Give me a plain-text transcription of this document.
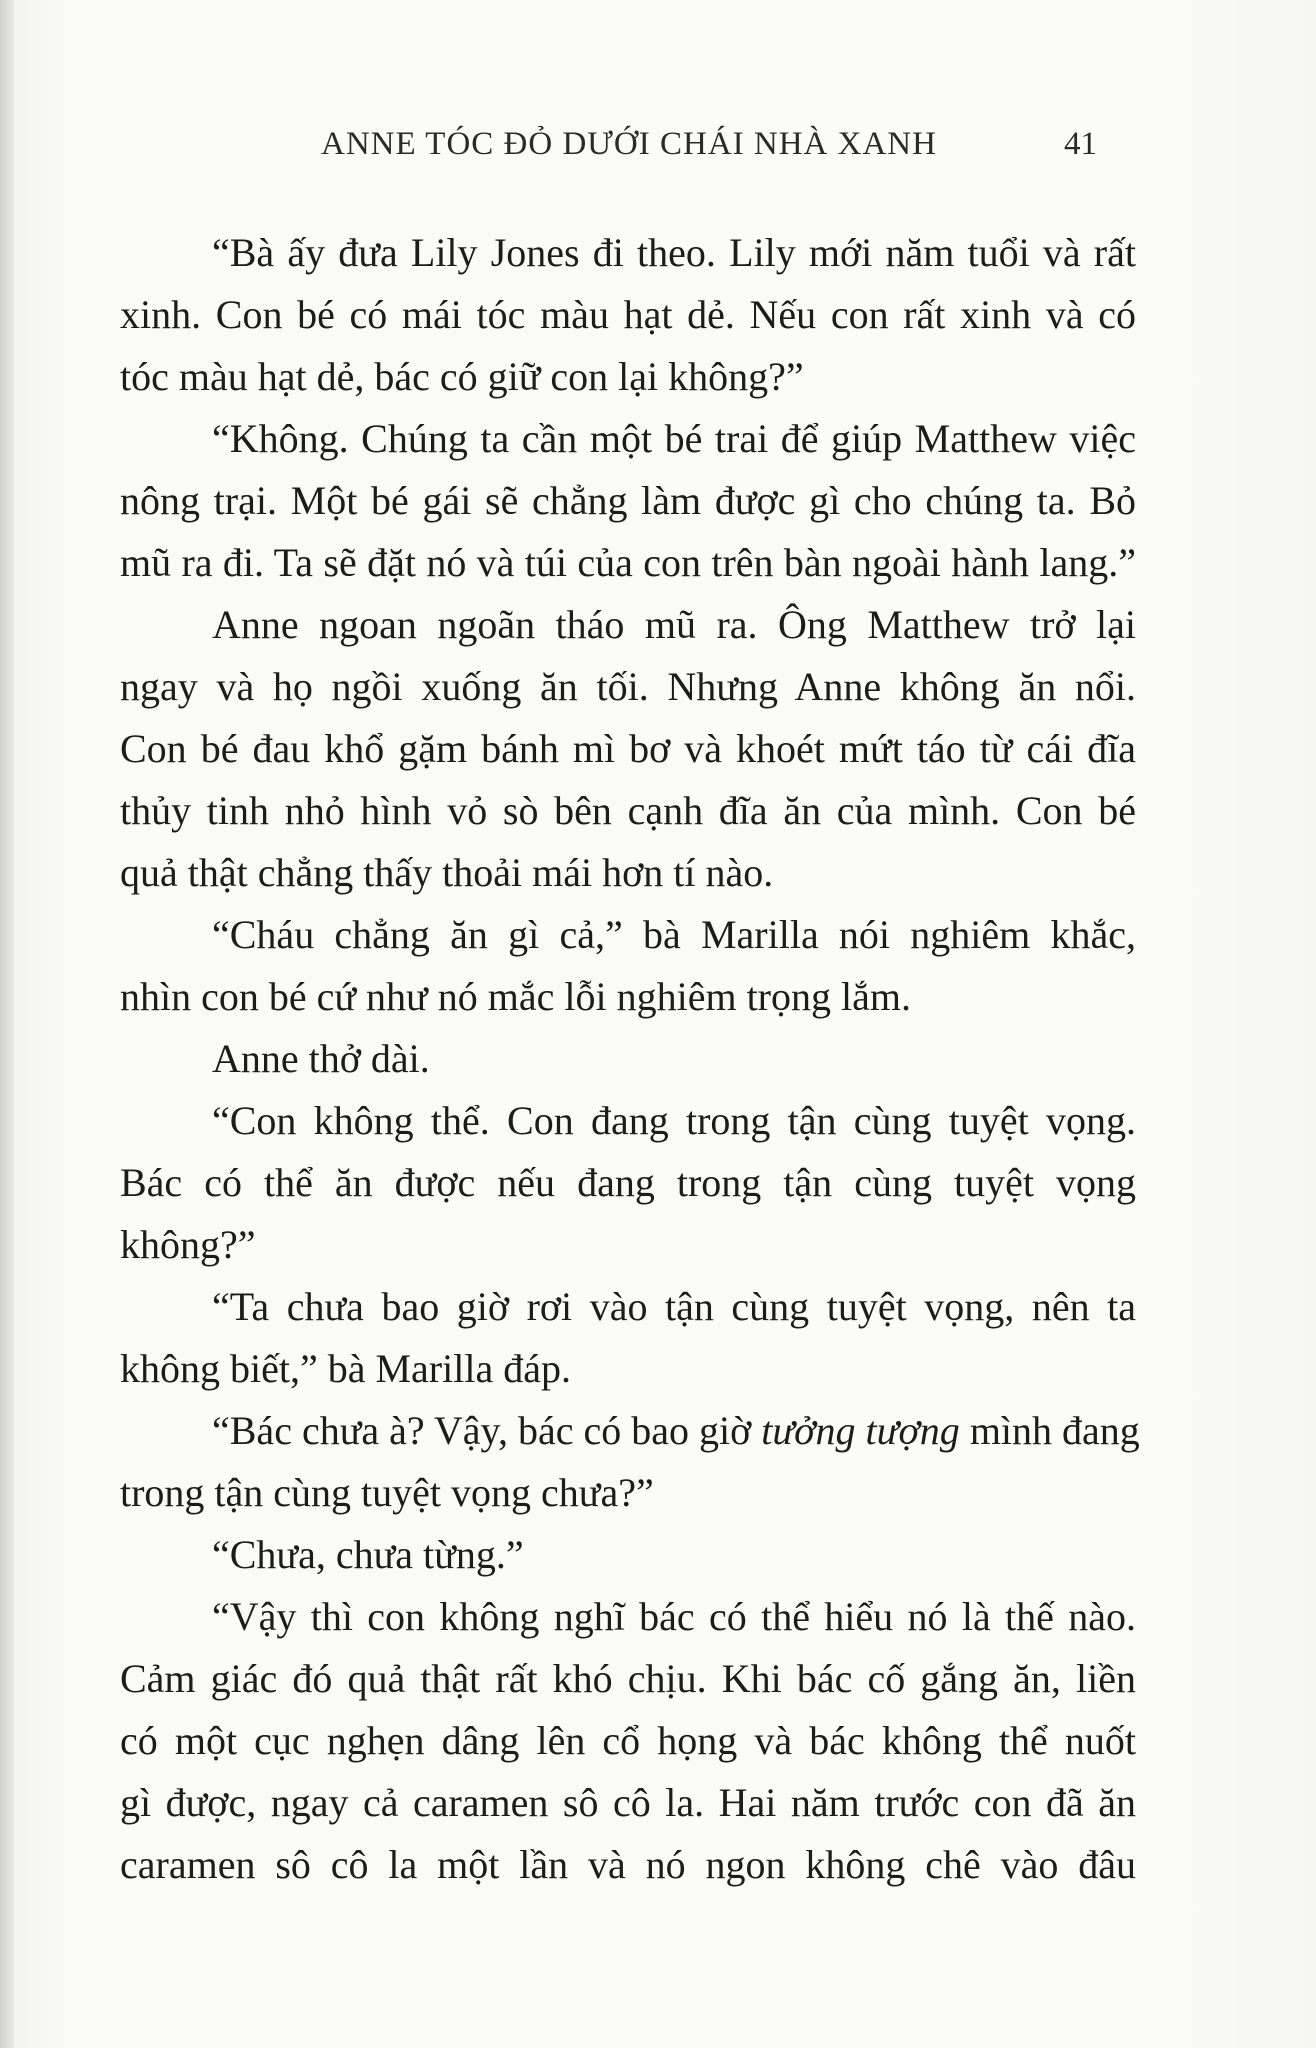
ANNE TÓC ĐỎ DƯỚI CHÁI NHÀ XANH	41
“Bà ấy đưa Lily Jones đi theo. Lily mới năm tuổi và rất
xinh. Con bé có mái tóc màu hạt dẻ. Nếu con rất xinh và có
tóc màu hạt dẻ, bác có giữ con lại không?”
“Không. Chúng ta cần một bé trai để giúp Matthew việc
nông trại. Một bé gái sẽ chẳng làm được gì cho chúng ta. Bỏ
mũ ra đi. Ta sẽ đặt nó và túi của con trên bàn ngoài hành lang.”
Anne ngoan ngoãn tháo mũ ra. Ông Matthew trở lại
ngay và họ ngồi xuống ăn tối. Nhưng Anne không ăn nổi.
Con bé đau khổ gặm bánh mì bơ và khoét mứt táo từ cái đĩa
thủy tinh nhỏ hình vỏ sò bên cạnh đĩa ăn của mình. Con bé
quả thật chẳng thấy thoải mái hơn tí nào.
“Cháu chẳng ăn gì cả,” bà Marilla nói nghiêm khắc,
nhìn con bé cứ như nó mắc lỗi nghiêm trọng lắm.
Anne thở dài.
“Con không thể. Con đang trong tận cùng tuyệt vọng.
Bác có thể ăn được nếu đang trong tận cùng tuyệt vọng
không?”
“Ta chưa bao giờ rơi vào tận cùng tuyệt vọng, nên ta
không biết,” bà Marilla đáp.
“Bác chưa à? Vậy, bác có bao giờ tưởng tượng mình đang
trong tận cùng tuyệt vọng chưa?”
“Chưa, chưa từng.”
“Vậy thì con không nghĩ bác có thể hiểu nó là thế nào.
Cảm giác đó quả thật rất khó chịu. Khi bác cố gắng ăn, liền
có một cục nghẹn dâng lên cổ họng và bác không thể nuốt
gì được, ngay cả caramen sô cô la. Hai năm trước con đã ăn
caramen sô cô la một lần và nó ngon không chê vào đâu
